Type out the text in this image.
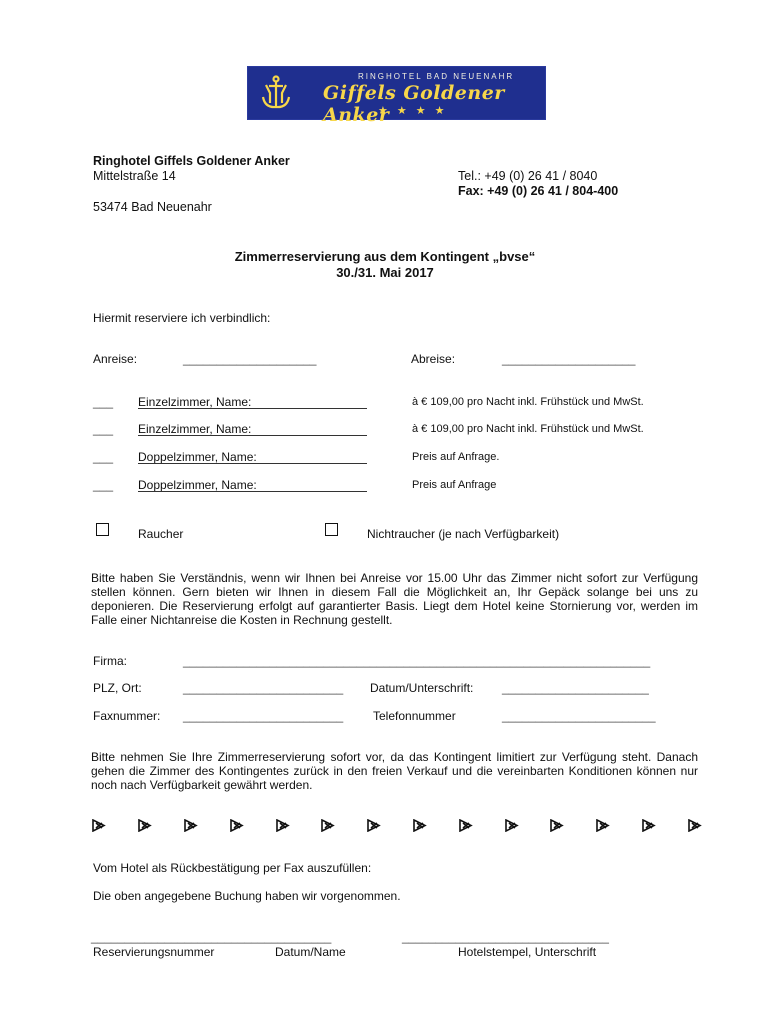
RINGHOTEL BAD NEUENAHR
Giffels Goldener Anker
★★★★
Ringhotel Giffels Goldener Anker
Mittelstraße 14
53474 Bad Neuenahr
Tel.: +49 (0) 26 41 / 8040
Fax: +49 (0) 26 41 / 804-400
Zimmerreservierung aus dem Kontingent „bvse“
30./31. Mai 2017
Hiermit reserviere ich verbindlich:
Anreise:	____________________	Abreise:	____________________
___ Einzelzimmer, Name:	à € 109,00 pro Nacht inkl. Frühstück und MwSt.
___ Einzelzimmer, Name:	à € 109,00 pro Nacht inkl. Frühstück und MwSt.
___ Doppelzimmer, Name:	Preis auf Anfrage.
___ Doppelzimmer, Name:	Preis auf Anfrage
Raucher	Nichtraucher (je nach Verfügbarkeit)
Bitte haben Sie Verständnis, wenn wir Ihnen bei Anreise vor 15.00 Uhr das Zimmer nicht sofort zur Verfügung stellen können. Gern bieten wir Ihnen in diesem Fall die Möglichkeit an, Ihr Gepäck solange bei uns zu deponieren. Die Reservierung erfolgt auf garantierter Basis. Liegt dem Hotel keine Stornierung vor, werden im Falle einer Nichtanreise die Kosten in Rechnung gestellt.
Firma:	______________________________________________________________________
PLZ, Ort:	________________________ Datum/Unterschrift: ______________________
Faxnummer: ________________________ Telefonnummer	_______________________
Bitte nehmen Sie Ihre Zimmerreservierung sofort vor, da das Kontingent limitiert zur Verfügung steht. Danach gehen die Zimmer des Kontingentes zurück in den freien Verkauf und die vereinbarten Konditionen können nur noch nach Verfügbarkeit gewährt werden.
Vom Hotel als Rückbestätigung per Fax auszufüllen:
Die oben angegebene Buchung haben wir vorgenommen.
____________________________________	_______________________________
Reservierungsnummer	Datum/Name	Hotelstempel, Unterschrift
